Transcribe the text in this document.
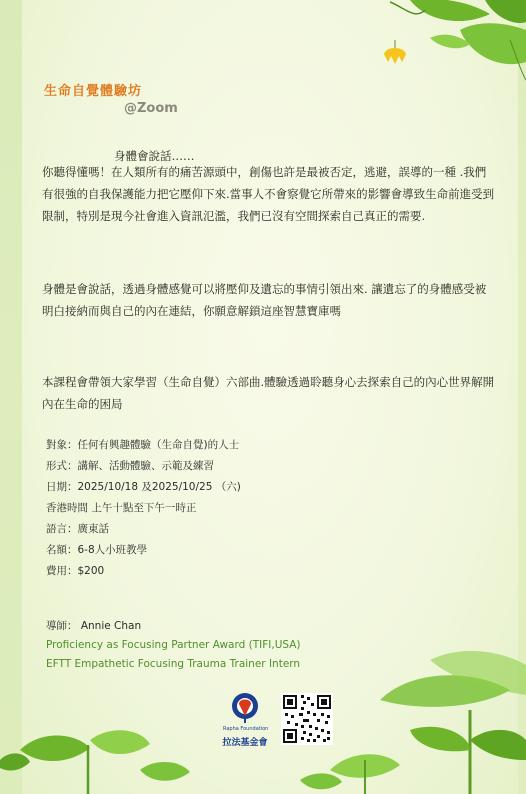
生命自覺體驗坊
@Zoom

身體會說話……

你聽得懂嗎！在人類所有的痛苦源頭中，創傷也許是最被否定，逃避，誤導的一種 .我們有很強的自我保護能力把它壓仰下來.當事人不會察覺它所帶來的影響會導致生命前進受到限制，特別是現今社會進入資訊氾濫，我們已沒有空間探索自己真正的需要.

身體是會說話，透過身體感覺可以將壓仰及遺忘的事情引領出來. 讓遺忘了的身體感受被明白接納而與自己的內在連結，你願意解鎖這座智慧寶庫嗎

本課程會帶領大家學習（生命自覺）六部曲.體驗透過聆聽身心去探索自己的內心世界解開內在生命的困局

對象：任何有興趣體驗（生命自覺)的人士
形式：講解、活動體驗、示範及練習
日期：2025/10/18 及2025/10/25 （六)
香港時間 上午十點至下午一時正
語言：廣東話
名額：6-8人小班教學
費用：$200
導師： Annie Chan
Proficiency as Focusing Partner Award (TIFI,USA)
EFTT Empathetic Focusing Trauma Trainer Intern
Rapha Foundation
拉法基金會
